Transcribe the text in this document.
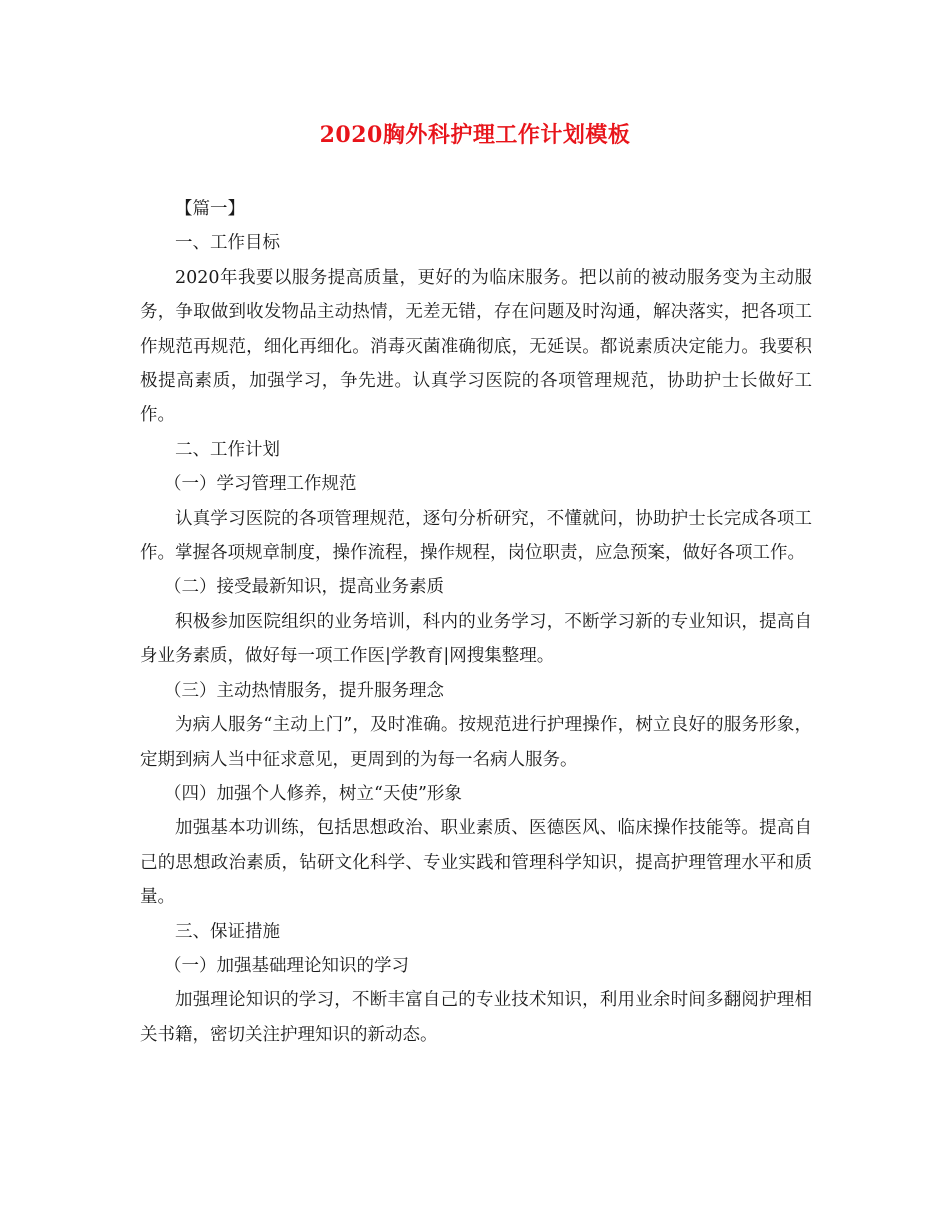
2020胸外科护理工作计划模板

【篇一】

一、工作目标

2020年我要以服务提高质量，更好的为临床服务。把以前的被动服务变为主动服务，争取做到收发物品主动热情，无差无错，存在问题及时沟通，解决落实，把各项工作规范再规范，细化再细化。消毒灭菌准确彻底，无延误。都说素质决定能力。我要积极提高素质，加强学习，争先进。认真学习医院的各项管理规范，协助护士长做好工作。

二、工作计划

（一）学习管理工作规范

认真学习医院的各项管理规范，逐句分析研究，不懂就问，协助护士长完成各项工作。掌握各项规章制度，操作流程，操作规程，岗位职责，应急预案，做好各项工作。

（二）接受最新知识，提高业务素质

积极参加医院组织的业务培训，科内的业务学习，不断学习新的专业知识，提高自身业务素质，做好每一项工作医|学教育|网搜集整理。

（三）主动热情服务，提升服务理念

为病人服务“主动上门”，及时准确。按规范进行护理操作，树立良好的服务形象，定期到病人当中征求意见，更周到的为每一名病人服务。

（四）加强个人修养，树立“天使”形象

加强基本功训练，包括思想政治、职业素质、医德医风、临床操作技能等。提高自己的思想政治素质，钻研文化科学、专业实践和管理科学知识，提高护理管理水平和质量。

三、保证措施

（一）加强基础理论知识的学习

加强理论知识的学习，不断丰富自己的专业技术知识，利用业余时间多翻阅护理相关书籍，密切关注护理知识的新动态。
